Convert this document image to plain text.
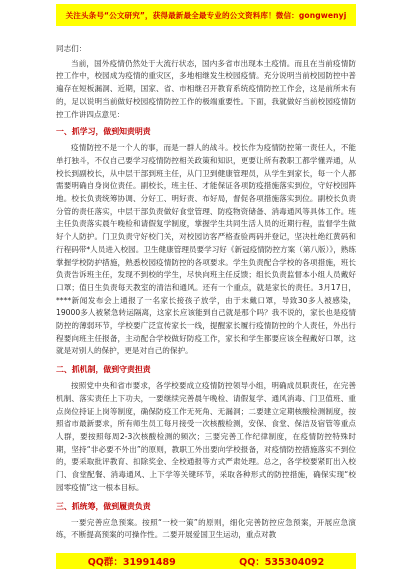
关注头条号“公文研究”，获得最新最全最专业的公文资料库！微信：gongwenyj

同志们：

当前，国外疫情仍然处于大流行状态，国内多省市出现本土疫情。而且在当前疫情防控工作中，校园成为疫情的重灾区，多地相继发生校园疫情。充分说明当前校园防控中普遍存在短板漏洞、近期，国家、省、市相继召开教育系统疫情防控工作会，这是前所未有的，足以说明当前做好校园疫情防控工作的极端重要性。下面，我就做好当前校园疫情防控工作讲四点意见：

一、抓学习，做到知责明责

疫情防控不是一个人的事，而是一群人的战斗。校长作为疫情防控第一责任人，不能单打独斗，不仅自己要学习疫情防控相关政策和知识，更要让所有教职工都学懂弄通，从校长到副校长，从中层干部到班主任，从门卫到健康管理员，从学生到家长，每一个人都需要明确自身岗位责任。副校长，班主任、才能保证各项防疫措施落实到位，守好校园阵地。校长负责统筹协调、分好工、明好责、布好局，督促各项措施落实到位。副校长负责分管的责任落实，中层干部负责做好食堂管理、防疫物资储备、消毒通风等具体工作。班主任负责落实晨午晚检和请假复学制度，掌握学生共同生活人员的近期行程，监督学生做好个人防护。门卫负责守好校门关，对校园访客严格查验两码并登记，坚决杜绝红黄码和行程码带*人员进入校园。卫生健康管理员要学习好《新冠疫情防控方案（第八版）》，熟练掌握学校防护措施，熟悉校园疫情防控的各项要求。学生负责配合学校的各项措施，班长负责告诉班主任，发现不到校的学生，尽快向班主任反馈；组长负责监督本小组人员戴好口罩；值日生负责每天教室的清洁和通风。还有一个重点，就是家长的责任。3月17日，****新闻发布会上通报了一名家长接孩子放学，由于未戴口罩，导致30多人被感染，19000多人被紧急转运隔离，这家长应该能到自己就是那个吗？我不说的，家长也是疫情防控的薄弱环节，学校要广泛宣传家长一线，提醒家长履行疫情防控的个人责任，外出行程要向班主任报备，主动配合学校做好防疫工作，家长和学生都要应该全程戴好口罩，这就是对别人的保护，更是对自己的保护。

二、抓机制，做到守责担责

按照党中央和省市要求，各学校要成立疫情防控领导小组，明确成员职责任，在完善机制、落实责任上下功夫，一要继续完善晨午晚检、请假复学、通风消毒、门卫值班、重点岗位持证上岗等制度，确保防疫工作无死角、无漏洞；二要建立定期核酸检测制度，按照省市最新要求，所有师生员工每月接受一次核酸检测，安保、食堂、保洁及宿管等重点人群，要按照每周2-3次核酸检测的频次；三要完善工作纪律制度，在疫情防控特殊时期，坚持“非必要不外出”的原则，教职工外出要向学校报备，对疫情防控措施落实不到位的，要采取批评教育、扣除奖金、全校通报等方式严肃处理。总之，各学校要紧盯出入校门、食堂配餐、消毒通风、上下学等关键环节，采取各种形式的防控措施，确保实现“校园零疫情”这一根本目标。

三、抓统筹，做到履责负责

一要完善应急预案。按照“一校一策”的原则，细化完善防控应急预案，开展应急演练，不断提高预案的可操作性。二要开展爱国卫生运动，重点对教

QQ群：31991489	QQ：535304092
